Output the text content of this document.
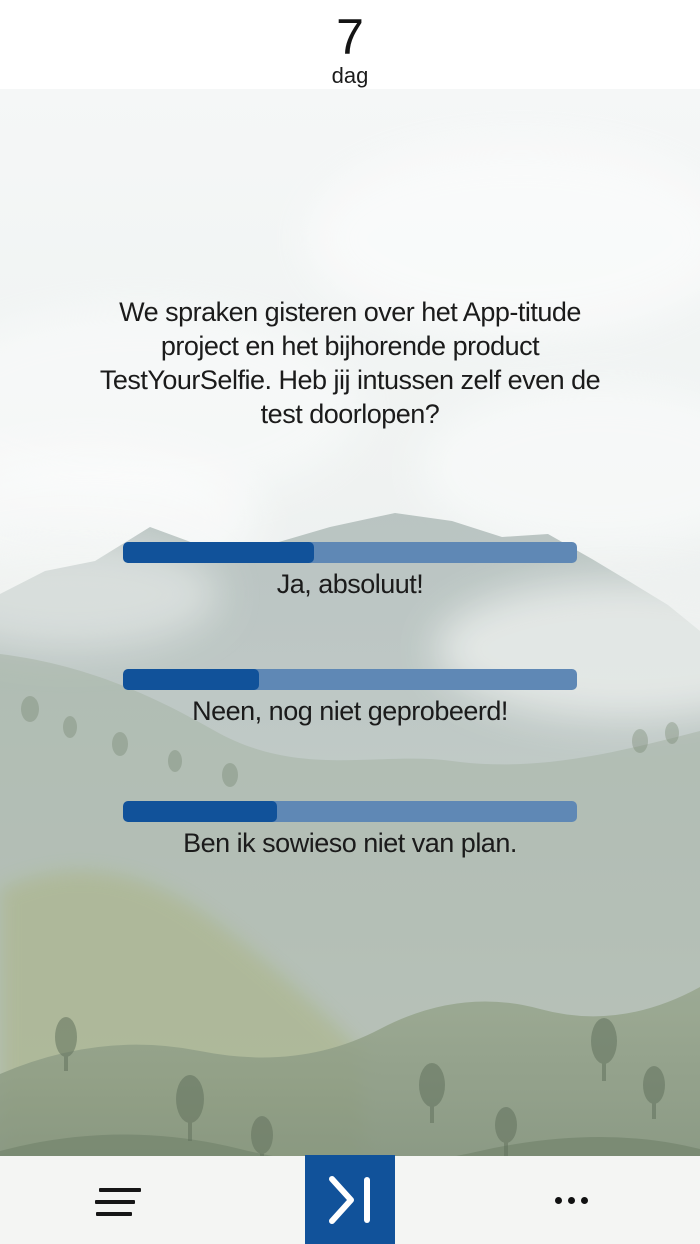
7
dag
We spraken gisteren over het App-titude
project en het bijhorende product
TestYourSelfie. Heb jij intussen zelf even de
test doorlopen?
Ja, absoluut!
Neen, nog niet geprobeerd!
Ben ik sowieso niet van plan.
